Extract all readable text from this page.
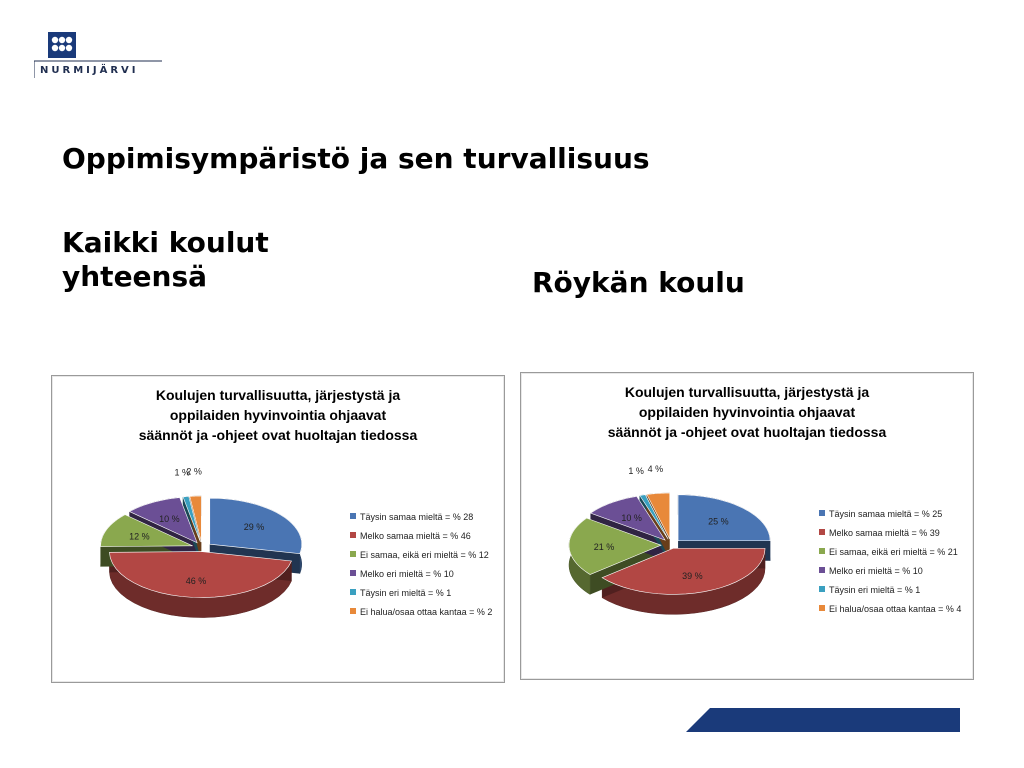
NURMIJÄRVI
Oppimisympäristö ja sen turvallisuus
Kaikki koulut
yhteensä	Röykän koulu
Koulujen turvallisuutta, järjestystä ja
oppilaiden hyvinvointia ohjaavat
säännöt ja -ohjeet ovat huoltajan tiedossa
29 %
46 %
12 %
10 %
1 %
2 %
Täysin samaa mieltä = % 28
Melko samaa mieltä = % 46
Ei samaa, eikä eri mieltä = % 12
Melko eri mieltä = % 10
Täysin eri mieltä = % 1
Ei halua/osaa ottaa kantaa = % 2
Koulujen turvallisuutta, järjestystä ja
oppilaiden hyvinvointia ohjaavat
säännöt ja -ohjeet ovat huoltajan tiedossa
25 %
39 %
21 %
10 %
1 % 4 %
Täysin samaa mieltä = % 25
Melko samaa mieltä = % 39
Ei samaa, eikä eri mieltä = % 21
Melko eri mieltä = % 10
Täysin eri mieltä = % 1
Ei halua/osaa ottaa kantaa = % 4
